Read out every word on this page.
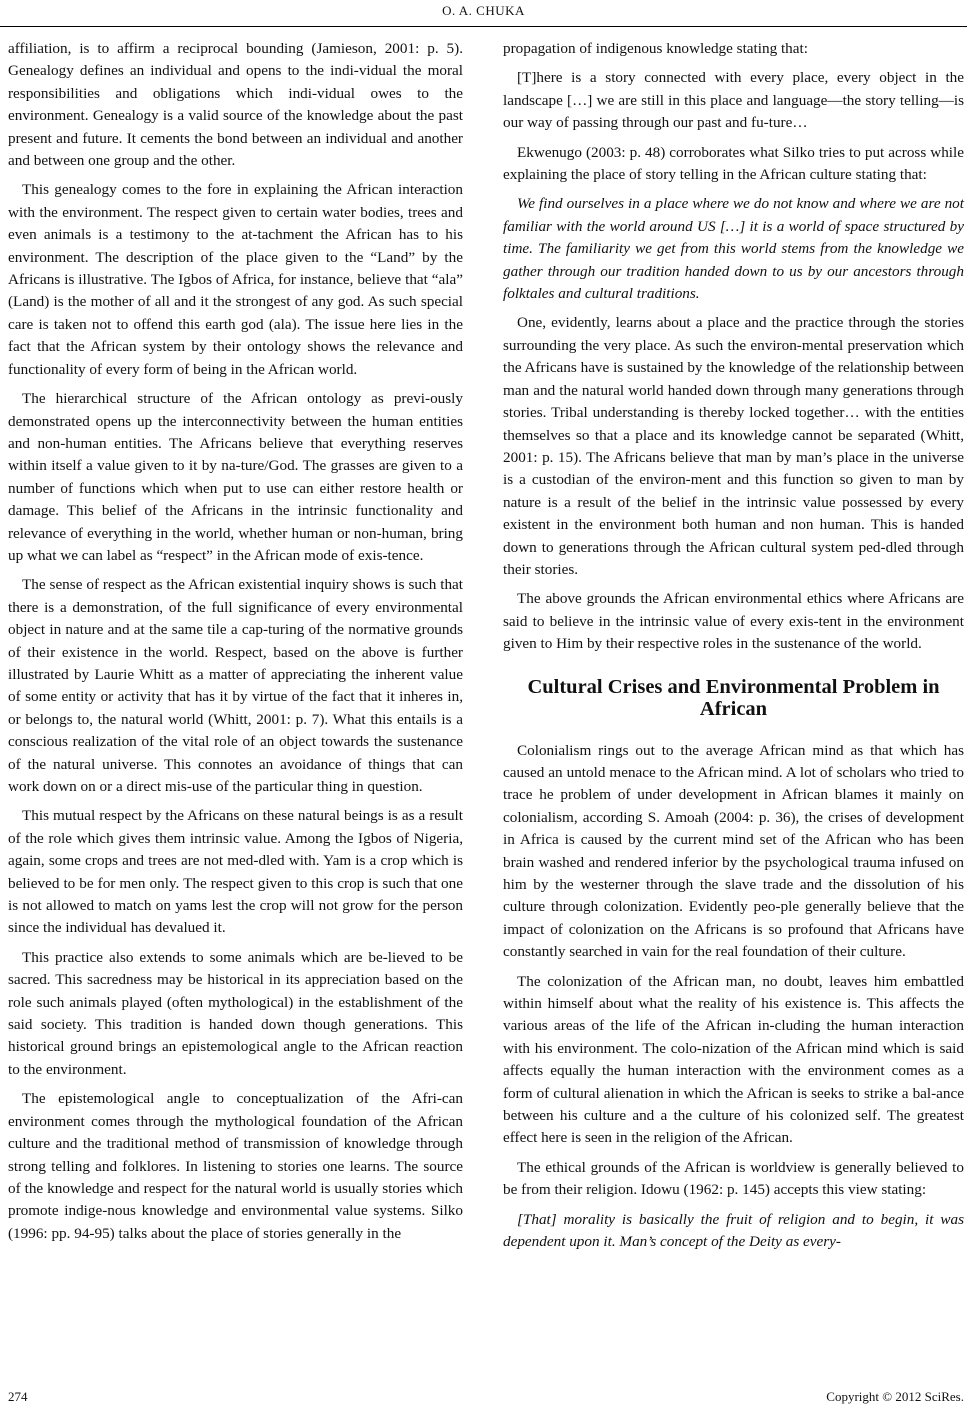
O. A. CHUKA

affiliation, is to affirm a reciprocal bounding (Jamieson, 2001: p. 5). Genealogy defines an individual and opens to the indi-vidual the moral responsibilities and obligations which indi-vidual owes to the environment. Genealogy is a valid source of the knowledge about the past present and future. It cements the bond between an individual and another and between one group and the other.

This genealogy comes to the fore in explaining the African interaction with the environment. The respect given to certain water bodies, trees and even animals is a testimony to the at-tachment the African has to his environment. The description of the place given to the “Land” by the Africans is illustrative. The Igbos of Africa, for instance, believe that “ala” (Land) is the mother of all and it the strongest of any god. As such special care is taken not to offend this earth god (ala). The issue here lies in the fact that the African system by their ontology shows the relevance and functionality of every form of being in the African world.

The hierarchical structure of the African ontology as previ-ously demonstrated opens up the interconnectivity between the human entities and non-human entities. The Africans believe that everything reserves within itself a value given to it by na-ture/God. The grasses are given to a number of functions which when put to use can either restore health or damage. This belief of the Africans in the intrinsic functionality and relevance of everything in the world, whether human or non-human, bring up what we can label as “respect” in the African mode of exis-tence.

The sense of respect as the African existential inquiry shows is such that there is a demonstration, of the full significance of every environmental object in nature and at the same tile a cap-turing of the normative grounds of their existence in the world. Respect, based on the above is further illustrated by Laurie Whitt as a matter of appreciating the inherent value of some entity or activity that has it by virtue of the fact that it inheres in, or belongs to, the natural world (Whitt, 2001: p. 7). What this entails is a conscious realization of the vital role of an object towards the sustenance of the natural universe. This connotes an avoidance of things that can work down on or a direct mis-use of the particular thing in question.

This mutual respect by the Africans on these natural beings is as a result of the role which gives them intrinsic value. Among the Igbos of Nigeria, again, some crops and trees are not med-dled with. Yam is a crop which is believed to be for men only. The respect given to this crop is such that one is not allowed to match on yams lest the crop will not grow for the person since the individual has devalued it.

This practice also extends to some animals which are be-lieved to be sacred. This sacredness may be historical in its appreciation based on the role such animals played (often mythological) in the establishment of the said society. This tradition is handed down though generations. This historical ground brings an epistemological angle to the African reaction to the environment.

The epistemological angle to conceptualization of the Afri-can environment comes through the mythological foundation of the African culture and the traditional method of transmission of knowledge through strong telling and folklores. In listening to stories one learns. The source of the knowledge and respect for the natural world is usually stories which promote indige-nous knowledge and environmental value systems. Silko (1996: pp. 94-95) talks about the place of stories generally in the

propagation of indigenous knowledge stating that:

[T]here is a story connected with every place, every object in the landscape […] we are still in this place and language—the story telling—is our way of passing through our past and fu-ture…

Ekwenugo (2003: p. 48) corroborates what Silko tries to put across while explaining the place of story telling in the African culture stating that:

We find ourselves in a place where we do not know and where we are not familiar with the world around US […] it is a world of space structured by time. The familiarity we get from this world stems from the knowledge we gather through our tradition handed down to us by our ancestors through folktales and cultural traditions.

One, evidently, learns about a place and the practice through the stories surrounding the very place. As such the environ-mental preservation which the Africans have is sustained by the knowledge of the relationship between man and the natural world handed down through many generations through stories. Tribal understanding is thereby locked together… with the entities themselves so that a place and its knowledge cannot be separated (Whitt, 2001: p. 15). The Africans believe that man by man’s place in the universe is a custodian of the environ-ment and this function so given to man by nature is a result of the belief in the intrinsic value possessed by every existent in the environment both human and non human. This is handed down to generations through the African cultural system ped-dled through their stories.

The above grounds the African environmental ethics where Africans are said to believe in the intrinsic value of every exis-tent in the environment given to Him by their respective roles in the sustenance of the world.

Cultural Crises and Environmental Problem in African

Colonialism rings out to the average African mind as that which has caused an untold menace to the African mind. A lot of scholars who tried to trace he problem of under development in African blames it mainly on colonialism, according S. Amoah (2004: p. 36), the crises of development in Africa is caused by the current mind set of the African who has been brain washed and rendered inferior by the psychological trauma infused on him by the westerner through the slave trade and the dissolution of his culture through colonization. Evidently peo-ple generally believe that the impact of colonization on the Africans is so profound that Africans have constantly searched in vain for the real foundation of their culture.

The colonization of the African man, no doubt, leaves him embattled within himself about what the reality of his existence is. This affects the various areas of the life of the African in-cluding the human interaction with his environment. The colo-nization of the African mind which is said affects equally the human interaction with the environment comes as a form of cultural alienation in which the African is seeks to strike a bal-ance between his culture and a the culture of his colonized self. The greatest effect here is seen in the religion of the African.

The ethical grounds of the African is worldview is generally believed to be from their religion. Idowu (1962: p. 145) accepts this view stating:

[That] morality is basically the fruit of religion and to begin, it was dependent upon it. Man’s concept of the Deity as every-

274	Copyright © 2012 SciRes.
